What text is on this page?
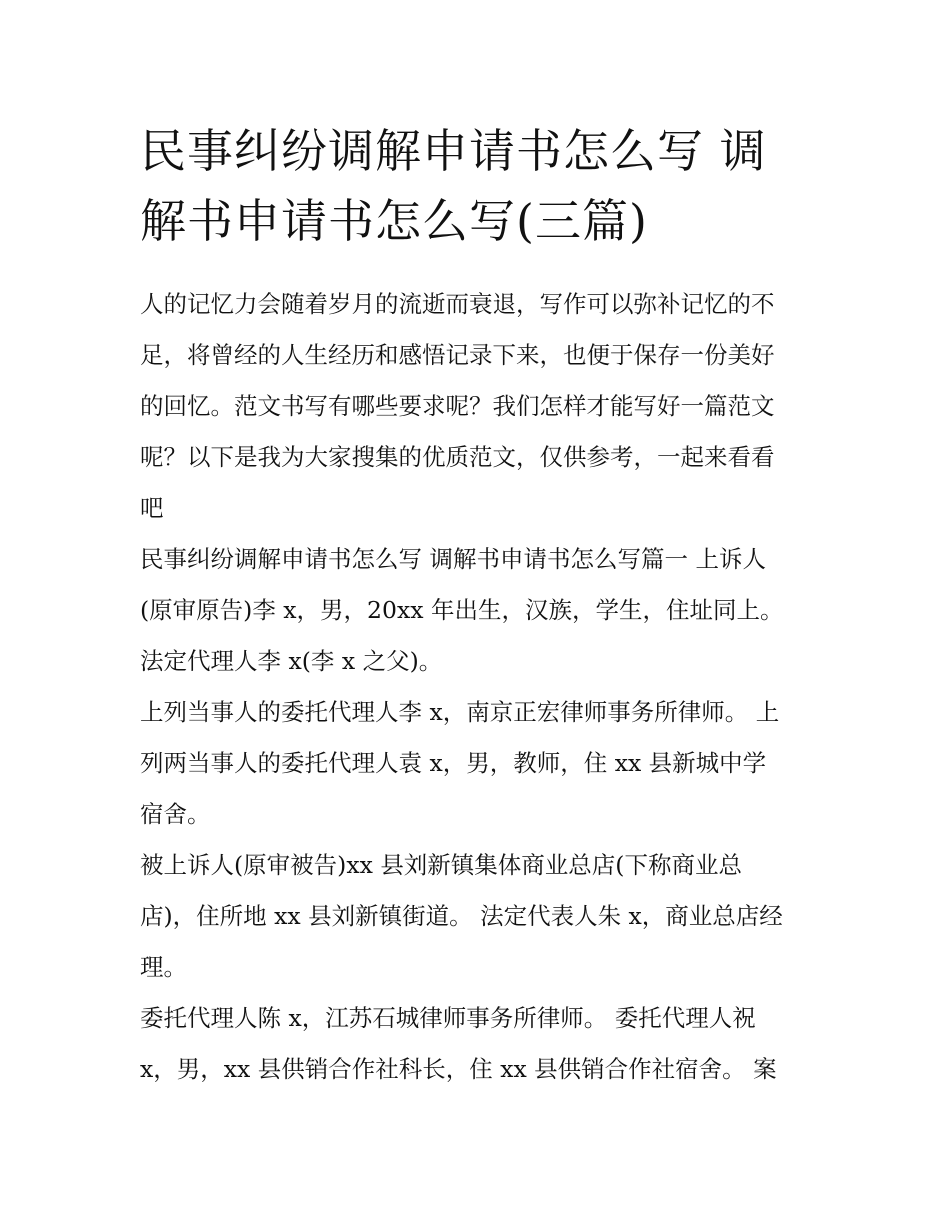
民事纠纷调解申请书怎么写 调
解书申请书怎么写(三篇)

人的记忆力会随着岁月的流逝而衰退，写作可以弥补记忆的不
足，将曾经的人生经历和感悟记录下来，也便于保存一份美好
的回忆。范文书写有哪些要求呢？我们怎样才能写好一篇范文
呢？以下是我为大家搜集的优质范文，仅供参考，一起来看看
吧

民事纠纷调解申请书怎么写 调解书申请书怎么写篇一 上诉人
(原审原告)李 x，男，20xx 年出生，汉族，学生，住址同上。

法定代理人李 x(李 x 之父)。

上列当事人的委托代理人李 x，南京正宏律师事务所律师。 上
列两当事人的委托代理人袁 x，男，教师，住 xx 县新城中学
宿舍。

被上诉人(原审被告)xx 县刘新镇集体商业总店(下称商业总
店)，住所地 xx 县刘新镇街道。 法定代表人朱 x，商业总店经
理。

委托代理人陈 x，江苏石城律师事务所律师。 委托代理人祝
x，男，xx 县供销合作社科长，住 xx 县供销合作社宿舍。 案
